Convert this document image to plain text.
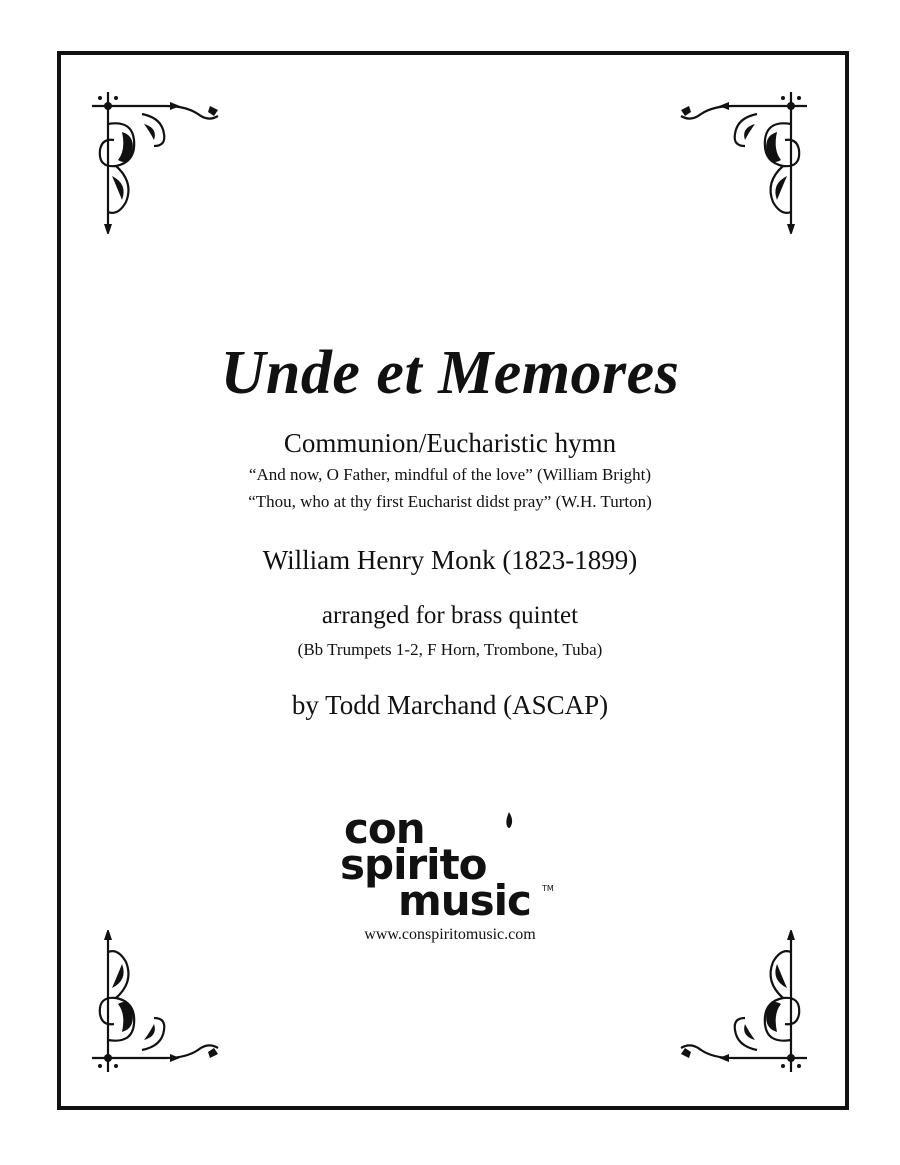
Unde et Memores
Communion/Eucharistic hymn
“And now, O Father, mindful of the love” (William Bright)
“Thou, who at thy first Eucharist didst pray” (W.H. Turton)
William Henry Monk (1823-1899)
arranged for brass quintet
(Bb Trumpets 1-2, F Horn, Trombone, Tuba)
by Todd Marchand (ASCAP)
con
spirito
music TM
www.conspiritomusic.com
